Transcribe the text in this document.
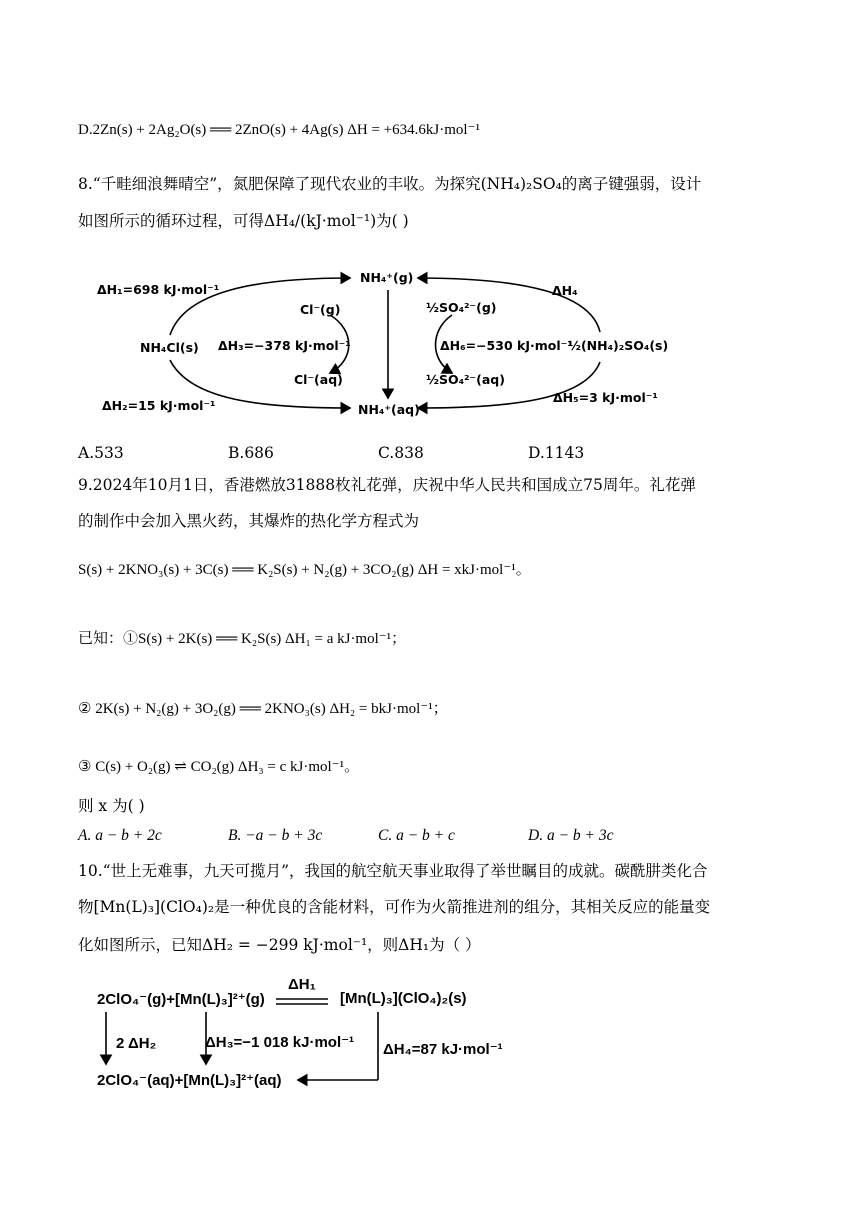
D.2Zn(s) + 2Ag₂O(s) ══ 2ZnO(s) + 4Ag(s) ΔH = +634.6kJ·mol⁻¹
8.“千畦细浪舞晴空”，氮肥保障了现代农业的丰收。为探究(NH₄)₂SO₄的离子键强弱，设计
如图所示的循环过程，可得ΔH₄/(kJ·mol⁻¹)为( )
ΔH₁=698 kJ·mol⁻¹
Cl⁻(g)
NH₄Cl(s) ΔH₃=−378 kJ·mol⁻¹
Cl⁻(aq)
ΔH₂=15 kJ·mol⁻¹
NH₄⁺(g)
NH₄⁺(aq)
ΔH₄
½SO₄²⁻(g)
ΔH₆=−530 kJ·mol⁻¹
½(NH₄)₂SO₄(s)
½SO₄²⁻(aq)
ΔH₅=3 kJ·mol⁻¹
A.533	B.686	C.838	D.1143
9.2024年10月1日，香港燃放31888枚礼花弹，庆祝中华人民共和国成立75周年。礼花弹
的制作中会加入黑火药，其爆炸的热化学方程式为
S(s) + 2KNO₃(s) + 3C(s) ══ K₂S(s) + N₂(g) + 3CO₂(g) ΔH = xkJ·mol⁻¹。
已知：①S(s) + 2K(s) ══ K₂S(s) ΔH₁ = a kJ·mol⁻¹；
② 2K(s) + N₂(g) + 3O₂(g) ══ 2KNO₃(s) ΔH₂ = bkJ·mol⁻¹；
③ C(s) + O₂(g) ⇌ CO₂(g) ΔH₃ = c kJ·mol⁻¹。
则 x 为( )
A. a − b + 2c	B. −a − b + 3c	C. a − b + c	D. a − b + 3c
10.“世上无难事，九天可揽月”，我国的航空航天事业取得了举世瞩目的成就。碳酰肼类化合
物[Mn(L)₃](ClO₄)₂是一种优良的含能材料，可作为火箭推进剂的组分，其相关反应的能量变
化如图所示，已知ΔH₂ = −299 kJ·mol⁻¹，则ΔH₁为（ ）
2ClO₄⁻(g)+[Mn(L)₃]²⁺(g)
ΔH₁
[Mn(L)₃](ClO₄)₂(s)
2 ΔH₂	ΔH₃=−1 018 kJ·mol⁻¹ ΔH₄=87 kJ·mol⁻¹
2ClO₄⁻(aq)+[Mn(L)₃]²⁺(aq)
